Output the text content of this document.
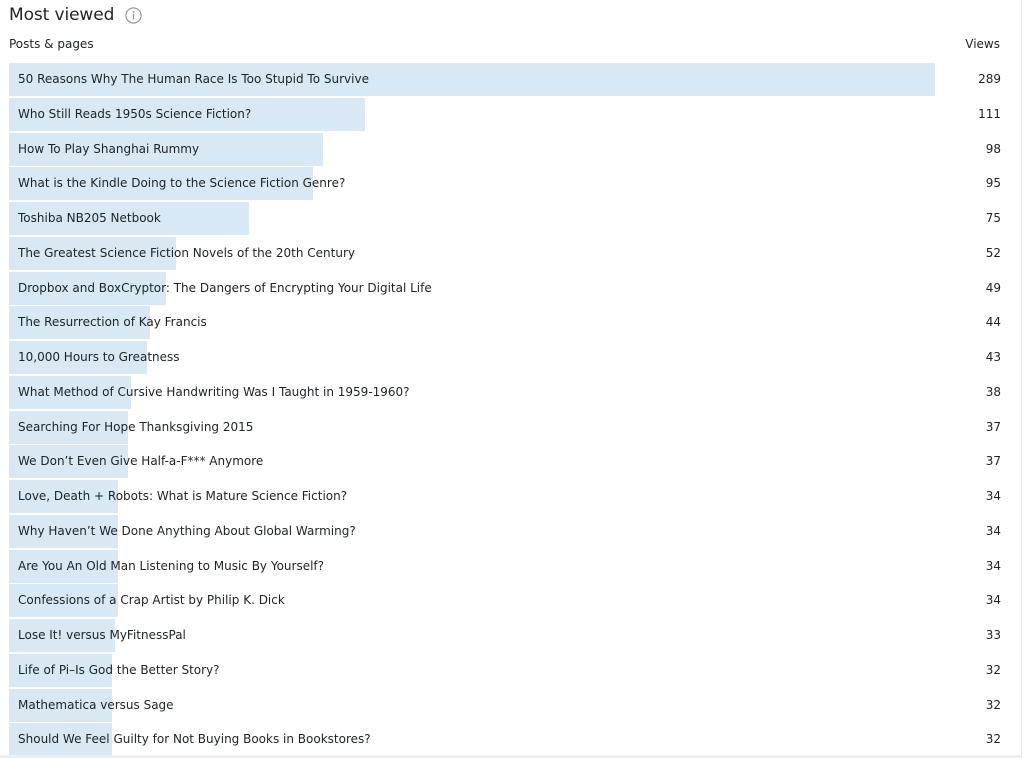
Most viewed
Posts & pages	Views
50 Reasons Why The Human Race Is Too Stupid To Survive	289
Who Still Reads 1950s Science Fiction?	111
How To Play Shanghai Rummy	98
What is the Kindle Doing to the Science Fiction Genre?	95
Toshiba NB205 Netbook	75
The Greatest Science Fiction Novels of the 20th Century	52
Dropbox and BoxCryptor: The Dangers of Encrypting Your Digital Life	49
The Resurrection of Kay Francis	44
10,000 Hours to Greatness	43
What Method of Cursive Handwriting Was I Taught in 1959-1960?	38
Searching For Hope Thanksgiving 2015	37
We Don’t Even Give Half-a-F*** Anymore	37
Love, Death + Robots: What is Mature Science Fiction?	34
Why Haven’t We Done Anything About Global Warming?	34
Are You An Old Man Listening to Music By Yourself?	34
Confessions of a Crap Artist by Philip K. Dick	34
Lose It! versus MyFitnessPal	33
Life of Pi–Is God the Better Story?	32
Mathematica versus Sage	32
Should We Feel Guilty for Not Buying Books in Bookstores?	32
